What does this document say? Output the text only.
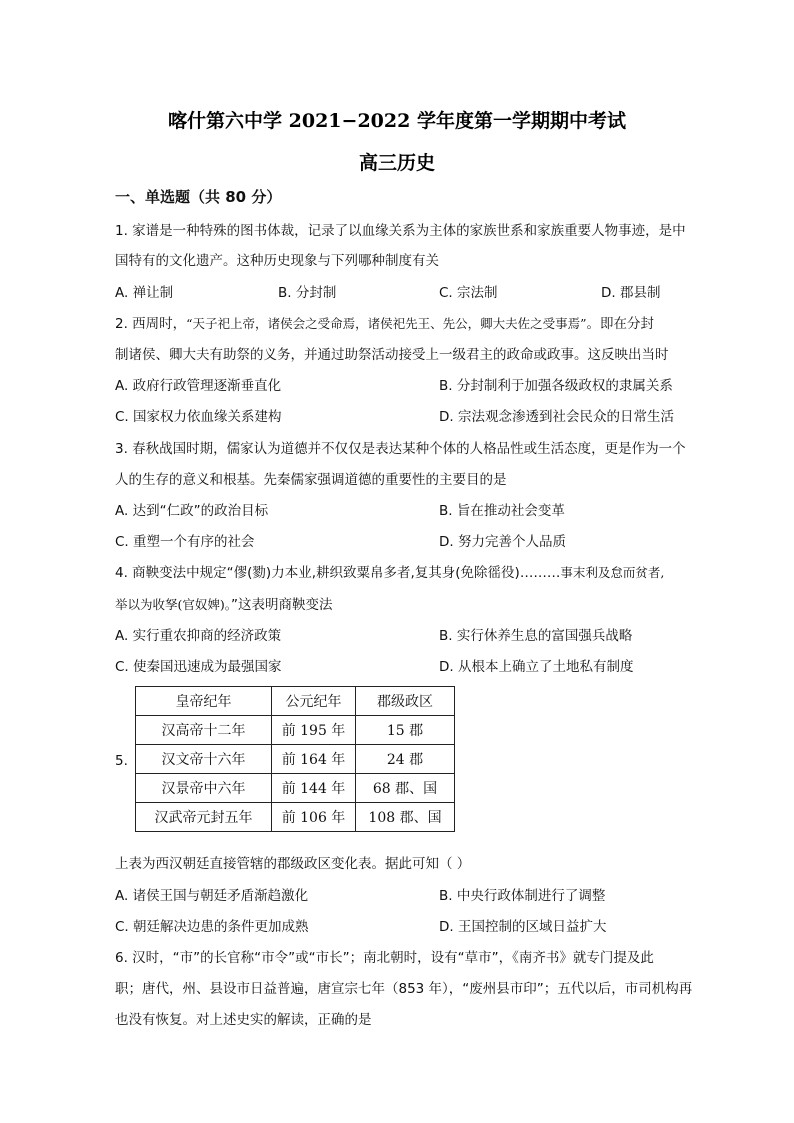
喀什第六中学 2021−2022 学年度第一学期期中考试
高三历史
一、单选题（共 80 分）
1. 家谱是一种特殊的图书体裁，记录了以血缘关系为主体的家族世系和家族重要人物事迹，是中
国特有的文化遗产。这种历史现象与下列哪种制度有关
A. 禅让制	B. 分封制	C. 宗法制	D. 郡县制
2. 西周时，“天子祀上帝，诸侯会之受命焉，诸侯祀先王、先公，卿大夫佐之受事焉”。即在分封
制诸侯、卿大夫有助祭的义务，并通过助祭活动接受上一级君主的政命或政事。这反映出当时
A. 政府行政管理逐渐垂直化	B. 分封制利于加强各级政权的隶属关系
C. 国家权力依血缘关系建构	D. 宗法观念渗透到社会民众的日常生活
3. 春秋战国时期，儒家认为道德并不仅仅是表达某种个体的人格品性或生活态度，更是作为一个
人的生存的意义和根基。先秦儒家强调道德的重要性的主要目的是
A. 达到“仁政”的政治目标	B. 旨在推动社会变革
C. 重塑一个有序的社会	D. 努力完善个人品质
4. 商鞅变法中规定“僇(勠)力本业,耕织致粟帛多者,复其身(免除徭役)………事末利及怠而贫者,
举以为收孥(官奴婢)。”这表明商鞅变法
A. 实行重农抑商的经济政策	B. 实行休养生息的富国强兵战略
C. 使秦国迅速成为最强国家	D. 从根本上确立了土地私有制度
5.
皇帝纪年	公元纪年	郡级政区
汉高帝十二年	前 195 年	15 郡
汉文帝十六年	前 164 年	24 郡
汉景帝中六年	前 144 年	68 郡、国
汉武帝元封五年	前 106 年	108 郡、国
上表为西汉朝廷直接管辖的郡级政区变化表。据此可知（ ）
A. 诸侯王国与朝廷矛盾渐趋激化	B. 中央行政体制进行了调整
C. 朝廷解决边患的条件更加成熟	D. 王国控制的区域日益扩大
6. 汉时，“市”的长官称“市令”或“市长”；南北朝时，设有“草市”，《南齐书》就专门提及此
职；唐代，州、县设市日益普遍，唐宣宗七年（853 年），“废州县市印”；五代以后，市司机构再
也没有恢复。对上述史实的解读，正确的是
